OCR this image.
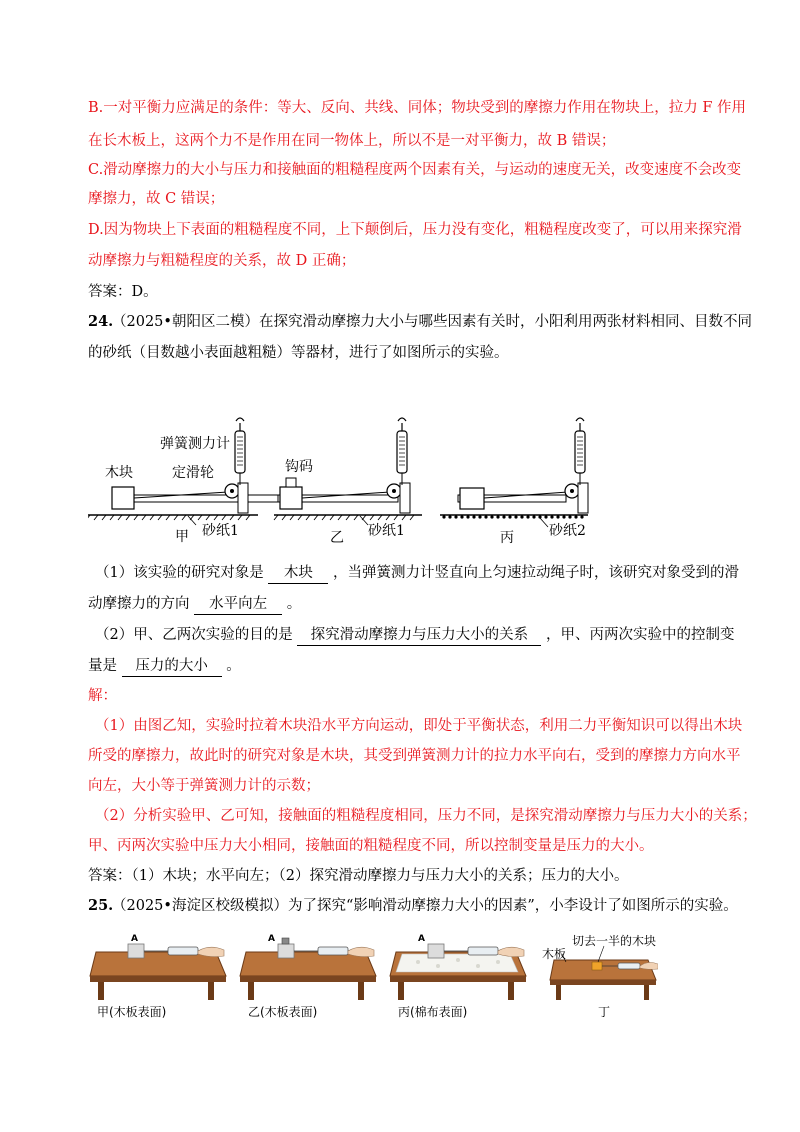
B.一对平衡力应满足的条件：等大、反向、共线、同体；物块受到的摩擦力作用在物块上，拉力 F 作用
在长木板上，这两个力不是作用在同一物体上，所以不是一对平衡力，故 B 错误；
C.滑动摩擦力的大小与压力和接触面的粗糙程度两个因素有关，与运动的速度无关，改变速度不会改变
摩擦力，故 C 错误；
D.因为物块上下表面的粗糙程度不同，上下颠倒后，压力没有变化，粗糙程度改变了，可以用来探究滑
动摩擦力与粗糙程度的关系，故 D 正确；
答案：D。
24.
（2025•朝阳区二模）在探究滑动摩擦力大小与哪些因素有关时，小阳利用两张材料相同、目数不同
的砂纸（目数越小表面越粗糙）等器材，进行了如图所示的实验。
弹簧测力计
木块	定滑轮	钩码
甲 砂纸1	乙 砂纸1	丙	砂纸2
（1）该实验的研究对象是 木块 ，当弹簧测力计竖直向上匀速拉动绳子时，该研究对象受到的滑
动摩擦力的方向 水平向左 。
（2）甲、乙两次实验的目的是 探究滑动摩擦力与压力大小的关系 ，甲、丙两次实验中的控制变
量是 压力的大小 。
解：
（1）由图乙知，实验时拉着木块沿水平方向运动，即处于平衡状态，利用二力平衡知识可以得出木块
所受的摩擦力，故此时的研究对象是木块，其受到弹簧测力计的拉力水平向右，受到的摩擦力方向水平
向左，大小等于弹簧测力计的示数；
（2）分析实验甲、乙可知，接触面的粗糙程度相同，压力不同，是探究滑动摩擦力与压力大小的关系；
甲、丙两次实验中压力大小相同，接触面的粗糙程度不同，所以控制变量是压力的大小。
答案：（1）木块；水平向左；（2）探究滑动摩擦力与压力大小的关系；压力的大小。
25.
（2025•海淀区校级模拟）为了探究“影响滑动摩擦力大小的因素”，小李设计了如图所示的实验。
A
甲(木板表面)
A
乙(木板表面)
A
丙(棉布表面)
切去一半的木块
木板
丁
